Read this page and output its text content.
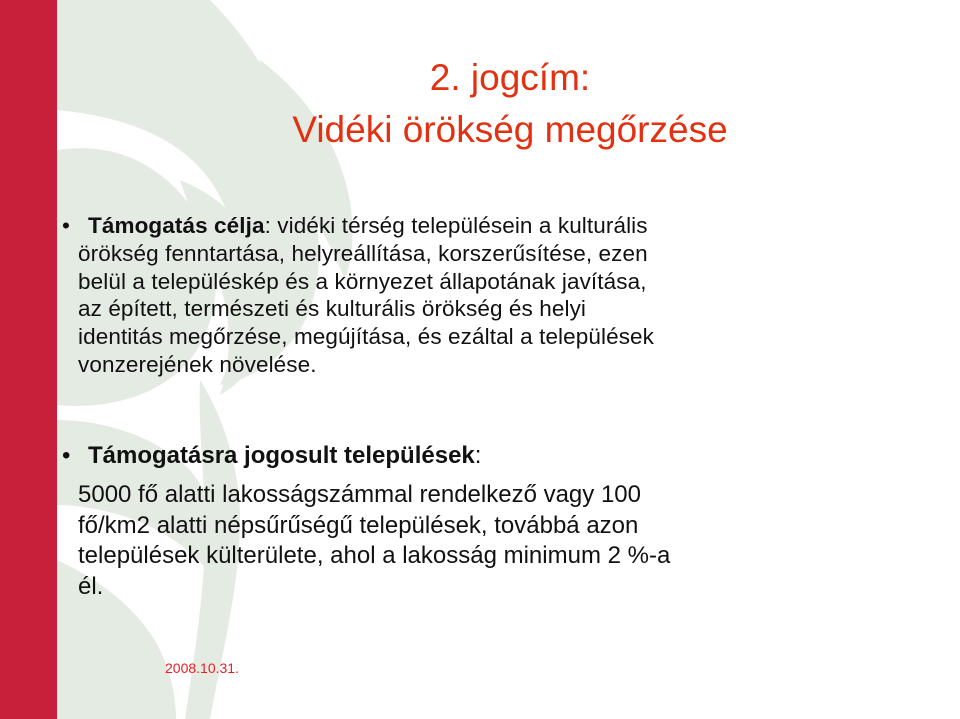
2. jogcím:
Vidéki örökség megőrzése
• Támogatás célja: vidéki térség településein a kulturális
örökség fenntartása, helyreállítása, korszerűsítése, ezen
belül a településkép és a környezet állapotának javítása,
az épített, természeti és kulturális örökség és helyi
identitás megőrzése, megújítása, és ezáltal a települések
vonzerejének növelése.
• Támogatásra jogosult települések:
5000 fő alatti lakosságszámmal rendelkező vagy 100
fő/km2 alatti népsűrűségű települések, továbbá azon
települések külterülete, ahol a lakosság minimum 2 %-a
él.
2008.10.31.
